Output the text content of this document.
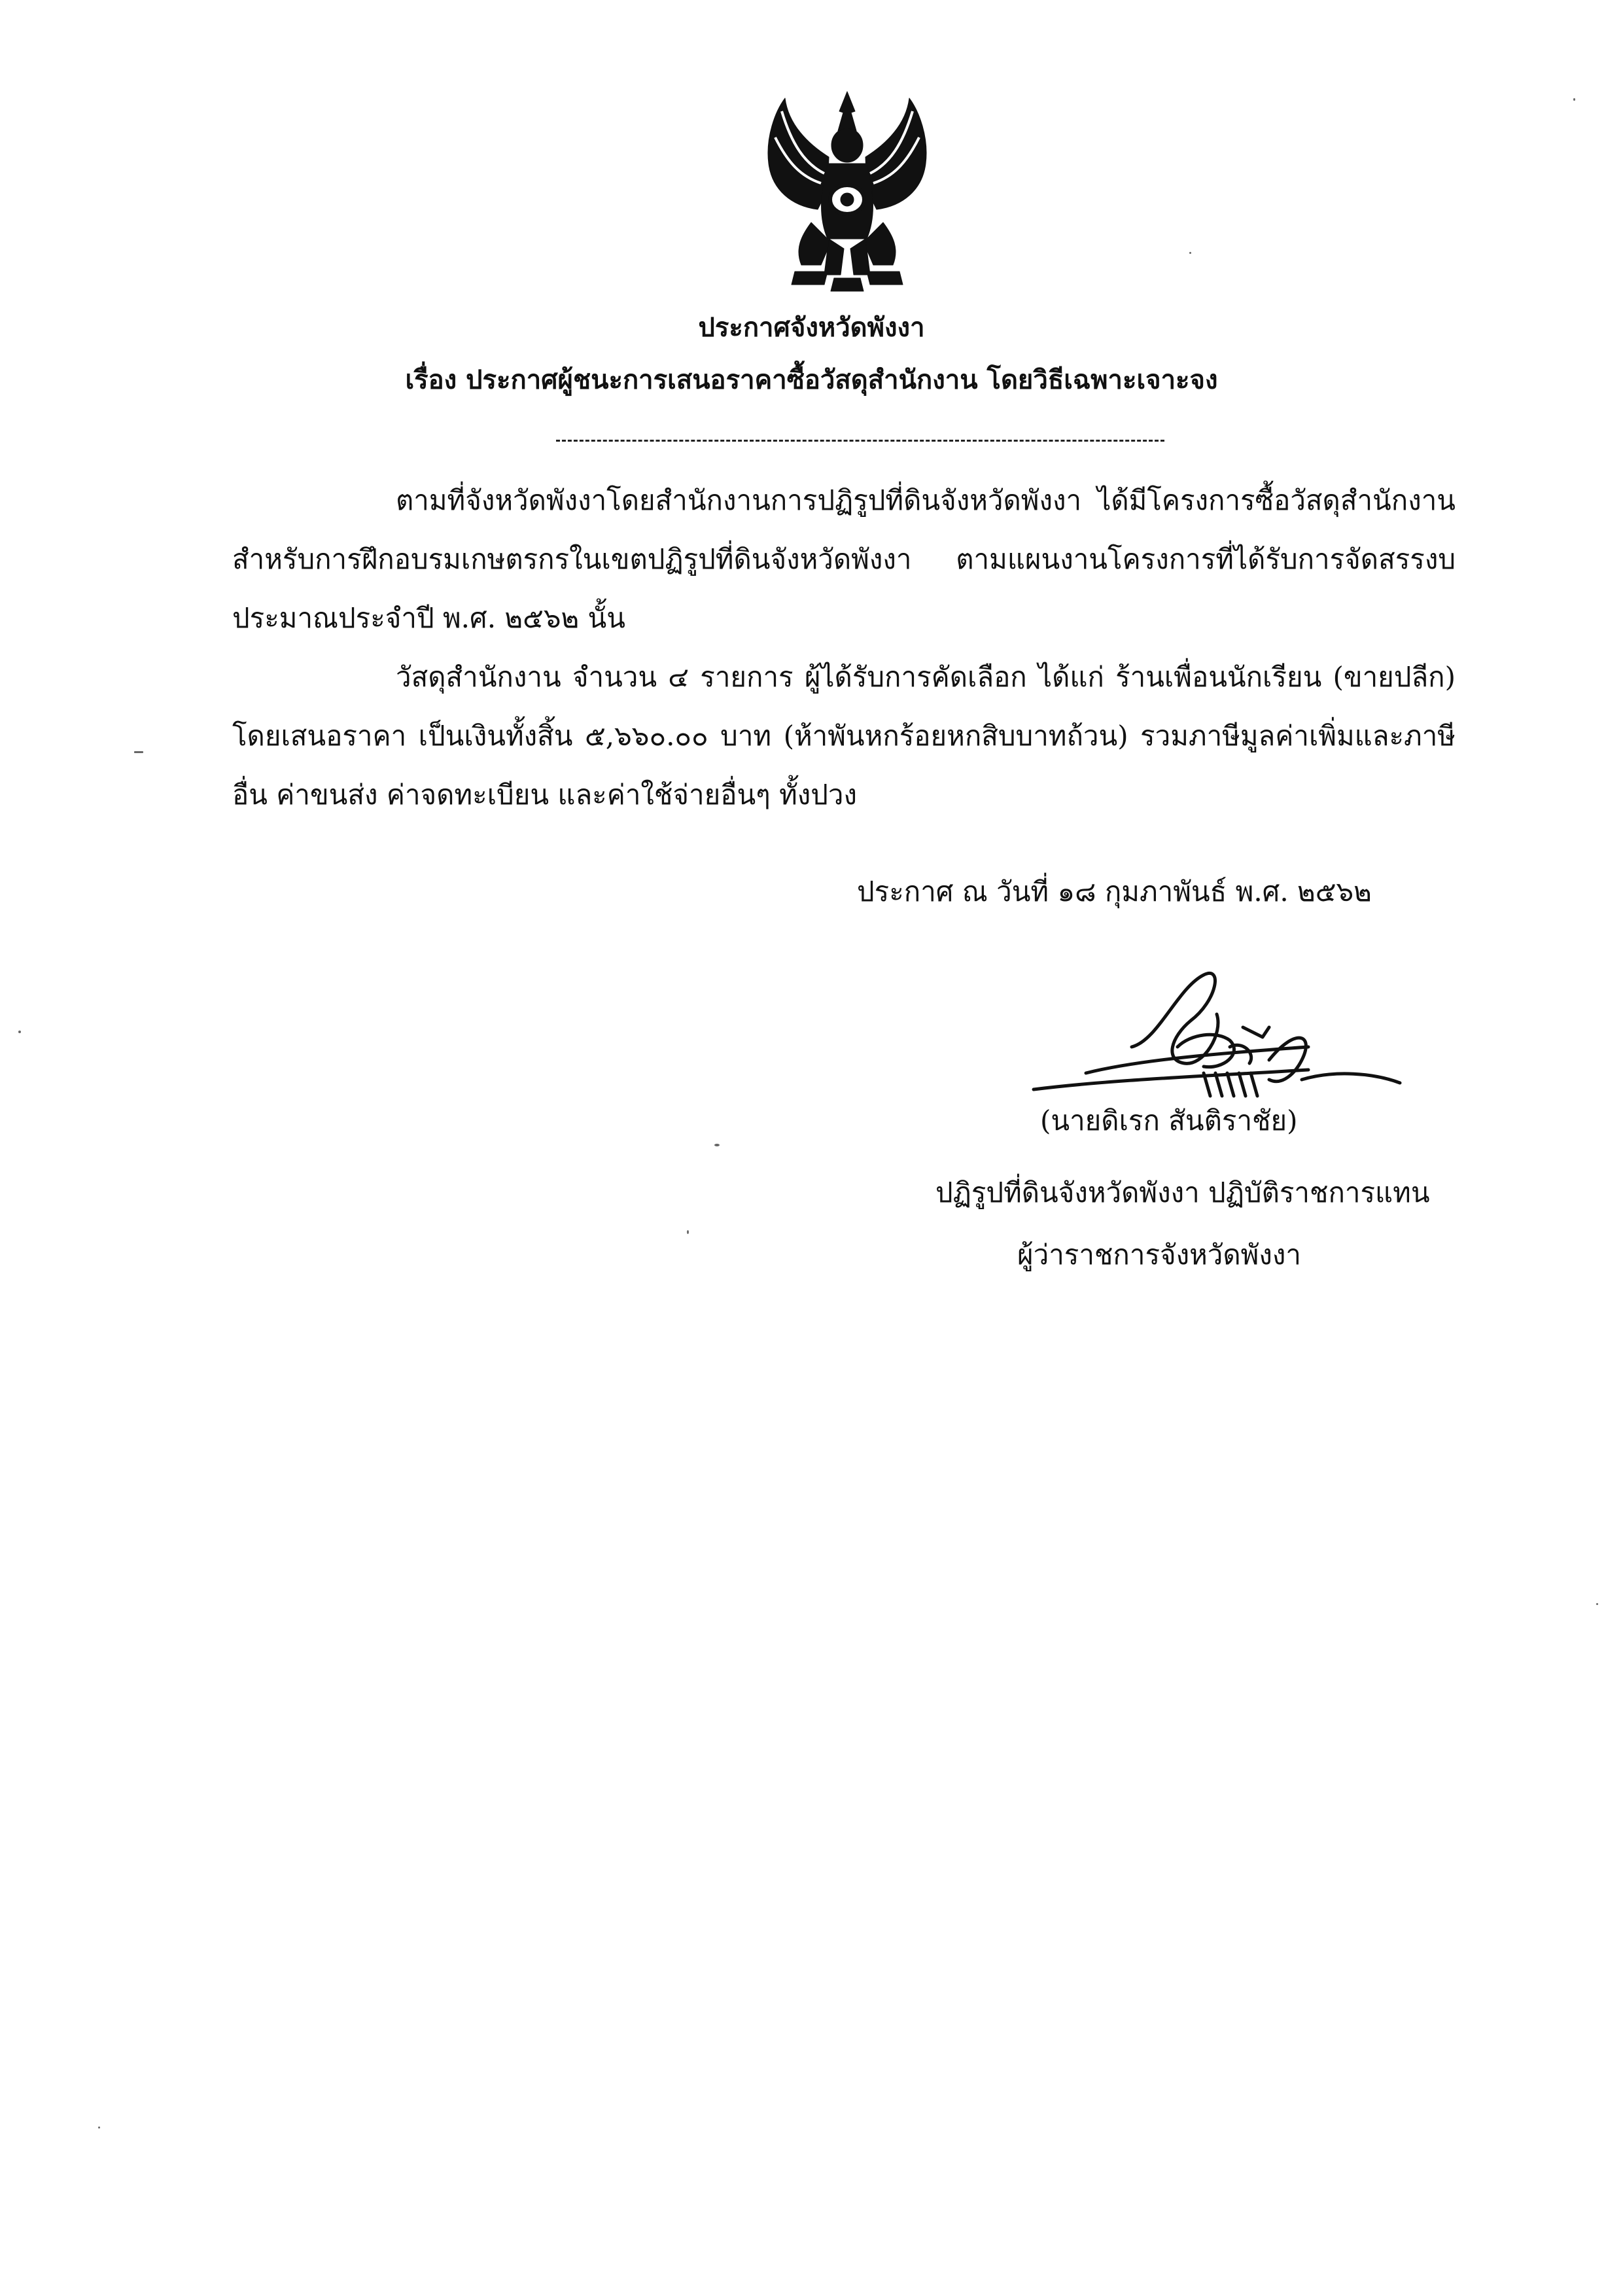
ประกาศจังหวัดพังงา
เรื่อง ประกาศผู้ชนะการเสนอราคาซื้อวัสดุสำนักงาน โดยวิธีเฉพาะเจาะจง
ตามที่จังหวัดพังงาโดยสำนักงานการปฏิรูปที่ดินจังหวัดพังงา ได้มีโครงการซื้อวัสดุสำนักงาน สำหรับการฝึกอบรมเกษตรกรในเขตปฏิรูปที่ดินจังหวัดพังงา ตามแผนงานโครงการที่ได้รับการจัดสรรงบประมาณประจำปี พ.ศ. ๒๕๖๒ นั้น
วัสดุสำนักงาน จำนวน ๔ รายการ ผู้ได้รับการคัดเลือก ได้แก่ ร้านเพื่อนนักเรียน (ขายปลีก) โดยเสนอราคา เป็นเงินทั้งสิ้น ๕,๖๖๐.๐๐ บาท (ห้าพันหกร้อยหกสิบบาทถ้วน) รวมภาษีมูลค่าเพิ่มและภาษีอื่น ค่าขนส่ง ค่าจดทะเบียน และค่าใช้จ่ายอื่นๆ ทั้งปวง
ประกาศ ณ วันที่ ๑๘ กุมภาพันธ์ พ.ศ. ๒๕๖๒
(นายดิเรก สันติราชัย)
ปฏิรูปที่ดินจังหวัดพังงา ปฏิบัติราชการแทน
ผู้ว่าราชการจังหวัดพังงา
